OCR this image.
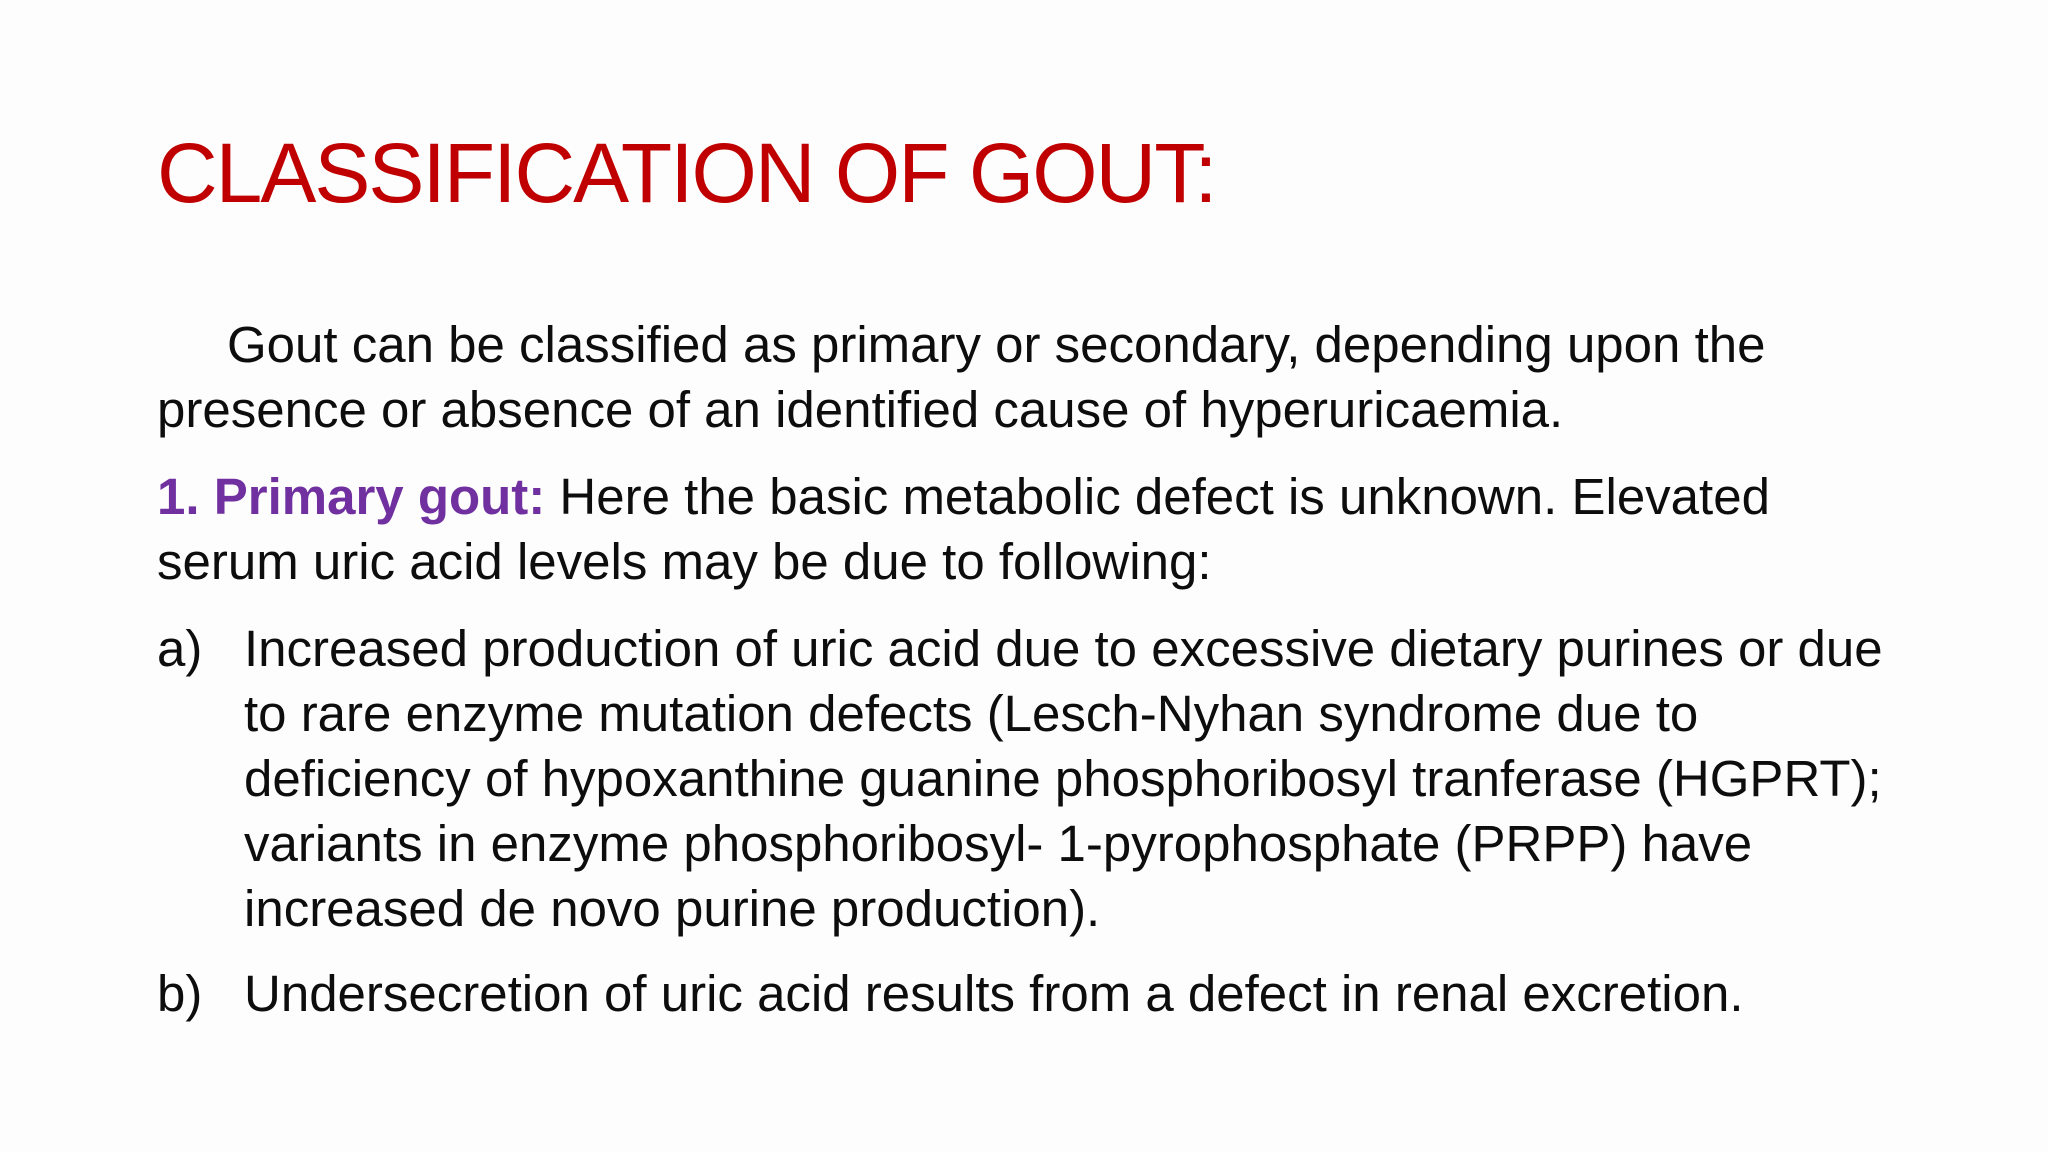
CLASSIFICATION OF GOUT:

Gout can be classified as primary or secondary, depending upon the presence or absence of an identified cause of hyperuricaemia.

1. Primary gout: Here the basic metabolic defect is unknown. Elevated serum uric acid levels may be due to following:

a) Increased production of uric acid due to excessive dietary purines or due to rare enzyme mutation defects (Lesch-Nyhan syndrome due to deficiency of hypoxanthine guanine phosphoribosyl tranferase (HGPRT); variants in enzyme phosphoribosyl- 1-pyrophosphate (PRPP) have increased de novo purine production).
b) Undersecretion of uric acid results from a defect in renal excretion.
